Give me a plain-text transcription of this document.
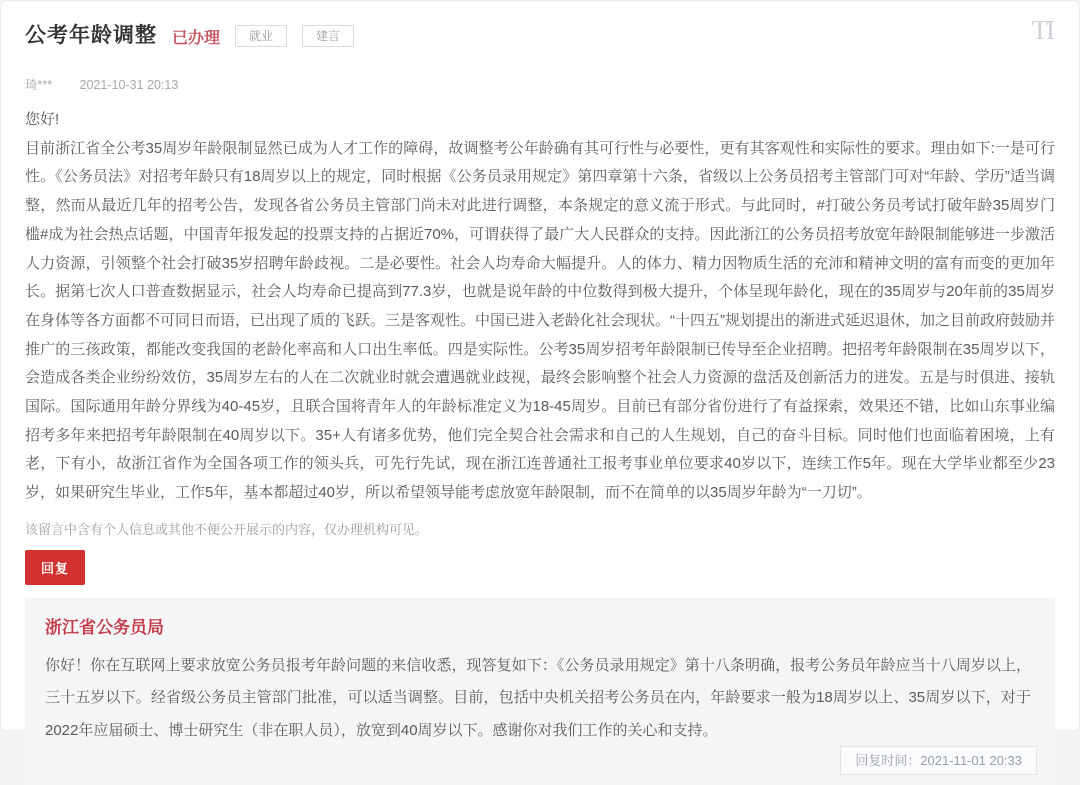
TI
公考年龄调整 已办理	就业	建言
琦*** 2021-10-31 20:13
您好!
目前浙江省全公考35周岁年龄限制显然已成为人才工作的障碍，故调整考公年龄确有其可行性与必要性，更有其客观性和实际性的要求。理由如下:一是可行性。《公务员法》对招考年龄只有18周岁以上的规定，同时根据《公务员录用规定》第四章第十六条，省级以上公务员招考主管部门可对“年龄、学历”适当调整，然而从最近几年的招考公告，发现各省公务员主管部门尚未对此进行调整，本条规定的意义流于形式。与此同时，#打破公务员考试打破年龄35周岁门槛#成为社会热点话题，中国青年报发起的投票支持的占据近70%，可谓获得了最广大人民群众的支持。因此浙江的公务员招考放宽年龄限制能够进一步激活人力资源，引领整个社会打破35岁招聘年龄歧视。二是必要性。社会人均寿命大幅提升。人的体力、精力因物质生活的充沛和精神文明的富有而变的更加年长。据第七次人口普查数据显示，社会人均寿命已提高到77.3岁，也就是说年龄的中位数得到极大提升，个体呈现年龄化，现在的35周岁与20年前的35周岁在身体等各方面都不可同日而语，已出现了质的飞跃。三是客观性。中国已进入老龄化社会现状。“十四五”规划提出的渐进式延迟退休，加之目前政府鼓励并推广的三孩政策，都能改变我国的老龄化率高和人口出生率低。四是实际性。公考35周岁招考年龄限制已传导至企业招聘。把招考年龄限制在35周岁以下，会造成各类企业纷纷效仿，35周岁左右的人在二次就业时就会遭遇就业歧视，最终会影响整个社会人力资源的盘活及创新活力的迸发。五是与时俱进、接轨国际。国际通用年龄分界线为40-45岁，且联合国将青年人的年龄标准定义为18-45周岁。目前已有部分省份进行了有益探索，效果还不错，比如山东事业编招考多年来把招考年龄限制在40周岁以下。35+人有诸多优势，他们完全契合社会需求和自己的人生规划，自己的奋斗目标。同时他们也面临着困境，上有老，下有小，故浙江省作为全国各项工作的领头兵，可先行先试，现在浙江连普通社工报考事业单位要求40岁以下，连续工作5年。现在大学毕业都至少23岁，如果研究生毕业，工作5年，基本都超过40岁，所以希望领导能考虑放宽年龄限制，而不在简单的以35周岁年龄为“一刀切”。
该留言中含有个人信息或其他不便公开展示的内容，仅办理机构可见。
回复
浙江省公务员局
你好！你在互联网上要求放宽公务员报考年龄问题的来信收悉，现答复如下：《公务员录用规定》第十八条明确，报考公务员年龄应当十八周岁以上，三十五岁以下。经省级公务员主管部门批准，可以适当调整。目前，包括中央机关招考公务员在内，年龄要求一般为18周岁以上、35周岁以下，对于2022年应届硕士、博士研究生（非在职人员），放宽到40周岁以下。感谢你对我们工作的关心和支持。
回复时间：2021-11-01 20:33
